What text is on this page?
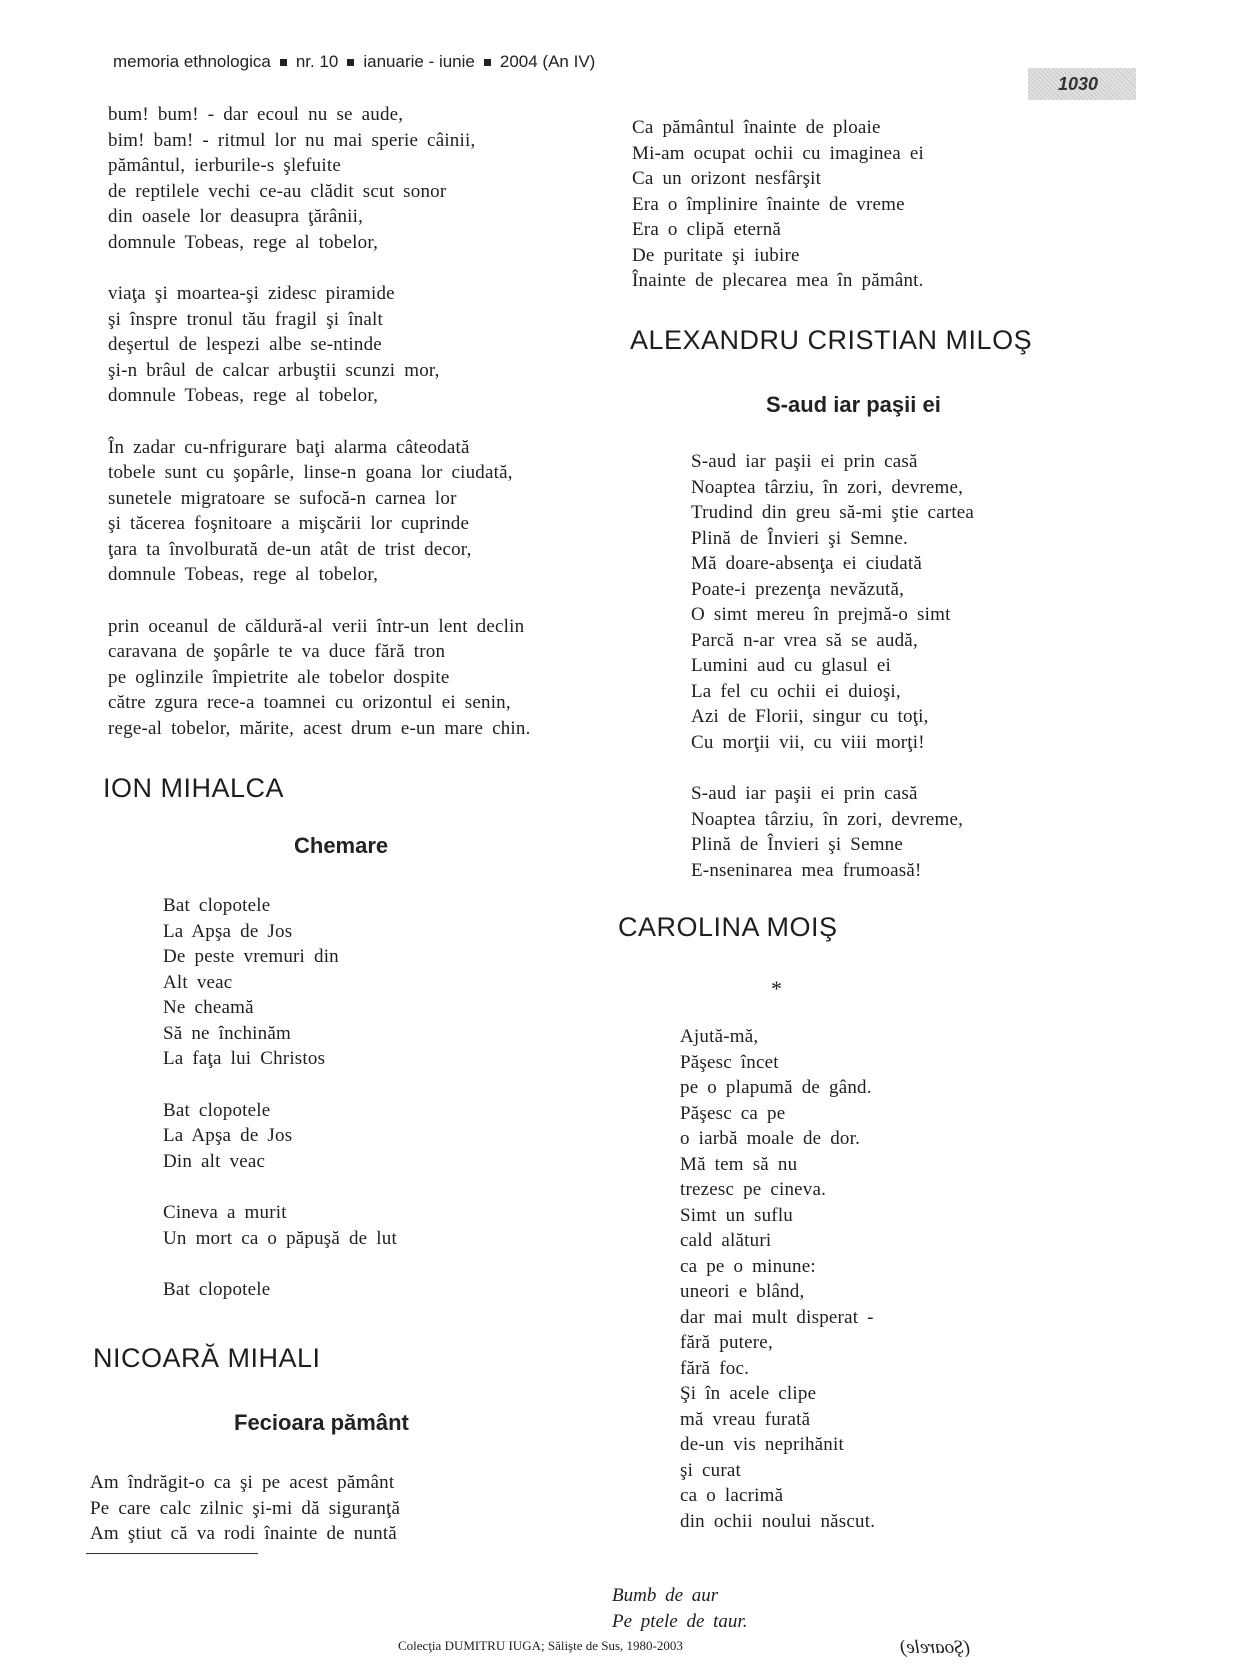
memoria ethnologica nr. 10 ianuarie - iunie 2004 (An IV)
1030
bum! bum! - dar ecoul nu se aude,
bim! bam! - ritmul lor nu mai sperie câinii,
pământul, ierburile-s şlefuite
de reptilele vechi ce-au clădit scut sonor
din oasele lor deasupra ţărânii,
domnule Tobeas, rege al tobelor,
viaţa şi moartea-şi zidesc piramide
şi înspre tronul tău fragil şi înalt
deşertul de lespezi albe se-ntinde
şi-n brâul de calcar arbuştii scunzi mor,
domnule Tobeas, rege al tobelor,
În zadar cu-nfrigurare baţi alarma câteodată
tobele sunt cu şopârle, linse-n goana lor ciudată,
sunetele migratoare se sufocă-n carnea lor
şi tăcerea foşnitoare a mişcării lor cuprinde
ţara ta învolburată de-un atât de trist decor,
domnule Tobeas, rege al tobelor,
prin oceanul de căldură-al verii într-un lent declin
caravana de şopârle te va duce fără tron
pe oglinzile împietrite ale tobelor dospite
către zgura rece-a toamnei cu orizontul ei senin,
rege-al tobelor, mărite, acest drum e-un mare chin.
ION MIHALCA
Chemare
Bat clopotele
La Apşa de Jos
De peste vremuri din
Alt veac
Ne cheamă
Să ne închinăm
La faţa lui Christos
Bat clopotele
La Apşa de Jos
Din alt veac
Cineva a murit
Un mort ca o păpuşă de lut
Bat clopotele
NICOARĂ MIHALI
Fecioara pământ
Am îndrăgit-o ca şi pe acest pământ
Pe care calc zilnic şi-mi dă siguranţă
Am ştiut că va rodi înainte de nuntă
Ca pământul înainte de ploaie
Mi-am ocupat ochii cu imaginea ei
Ca un orizont nesfârşit
Era o împlinire înainte de vreme
Era o clipă eternă
De puritate şi iubire
Înainte de plecarea mea în pământ.
ALEXANDRU CRISTIAN MILOŞ
S-aud iar paşii ei
S-aud iar paşii ei prin casă
Noaptea târziu, în zori, devreme,
Trudind din greu să-mi ştie cartea
Plină de Învieri şi Semne.
Mă doare-absenţa ei ciudată
Poate-i prezenţa nevăzută,
O simt mereu în prejmă-o simt
Parcă n-ar vrea să se audă,
Lumini aud cu glasul ei
La fel cu ochii ei duioşi,
Azi de Florii, singur cu toţi,
Cu morţii vii, cu viii morţi!
S-aud iar paşii ei prin casă
Noaptea târziu, în zori, devreme,
Plină de Învieri şi Semne
E-nseninarea mea frumoasă!
CAROLINA MOIŞ
*
Ajută-mă,
Păşesc încet
pe o plapumă de gând.
Păşesc ca pe
o iarbă moale de dor.
Mă tem să nu
trezesc pe cineva.
Simt un suflu
cald alături
ca pe o minune:
uneori e blând,
dar mai mult disperat -
fără putere,
fără foc.
Şi în acele clipe
mă vreau furată
de-un vis neprihănit
şi curat
ca o lacrimă
din ochii noului născut.
Bumb de aur
Pe ptele de taur.
Colecţia DUMITRU IUGA; Sălişte de Sus, 1980-2003	(Şoarele)
